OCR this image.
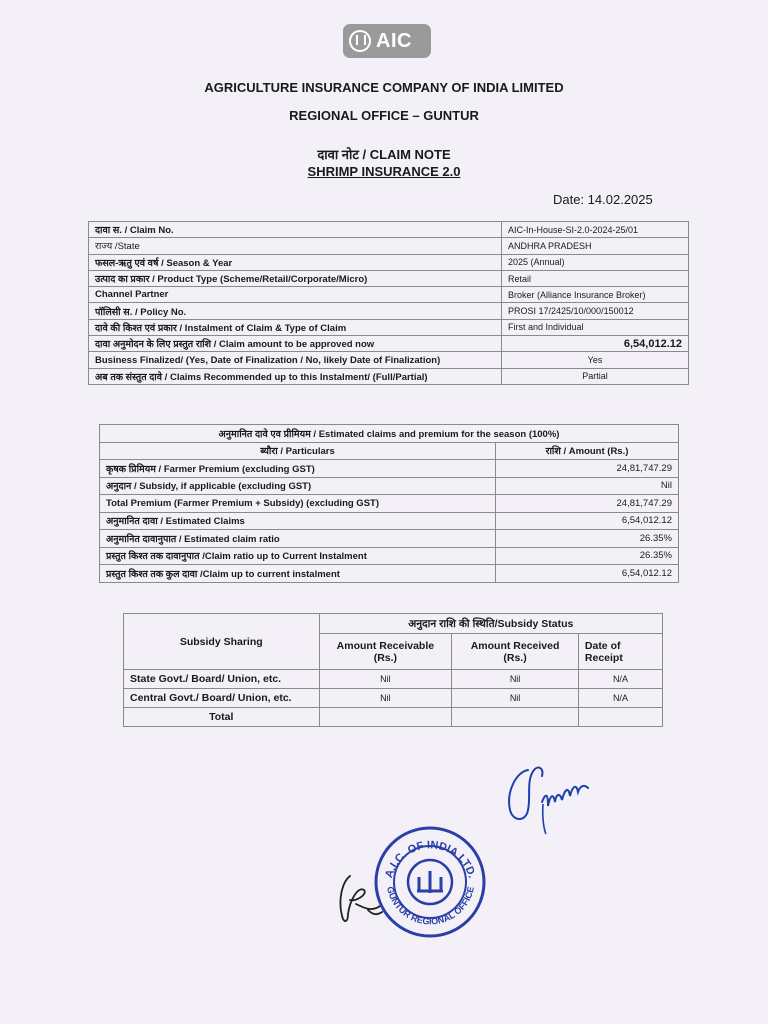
AIC
AGRICULTURE INSURANCE COMPANY OF INDIA LIMITED
REGIONAL OFFICE – GUNTUR
दावा नोट / CLAIM NOTE
SHRIMP INSURANCE 2.0
Date: 14.02.2025
दावा स. / Claim No.	AIC-In-House-SI-2.0-2024-25/01
राज्य /State	ANDHRA PRADESH
फसल-ऋतु एवं वर्ष / Season & Year	2025 (Annual)
उत्पाद का प्रकार / Product Type (Scheme/Retail/Corporate/Micro)	Retail
Channel Partner	Broker (Alliance Insurance Broker)
पॉलिसी स. / Policy No.	PROSI 17/2425/10/000/150012
दावे की किश्त एवं प्रकार / Instalment of Claim & Type of Claim	First and Individual
दावा अनुमोदन के लिए प्रस्तुत राशि / Claim amount to be approved now	6,54,012.12
Business Finalized/ (Yes, Date of Finalization / No, likely Date of Finalization)	Yes
अब तक संस्तुत दावे / Claims Recommended up to this Instalment/ (Full/Partial)	Partial
अनुमानित दावे एव प्रीमियम / Estimated claims and premium for the season (100%)	
ब्यौरा / Particulars	राशि / Amount (Rs.)
कृषक प्रिमियम / Farmer Premium (excluding GST)	24,81,747.29
अनुदान / Subsidy, if applicable (excluding GST)	Nil
Total Premium (Farmer Premium + Subsidy) (excluding GST)	24,81,747.29
अनुमानित दावा / Estimated Claims	6,54,012.12
अनुमानित दावानुपात / Estimated claim ratio	26.35%
प्रस्तुत किश्त तक दावानुपात /Claim ratio up to Current Instalment	26.35%
प्रस्तुत किश्त तक कुल दावा /Claim up to current instalment	6,54,012.12
Subsidy Sharing	अनुदान राशि की स्थिति/Subsidy Status		
	Amount Receivable (Rs.)	Amount Received (Rs.)	Date of Receipt
State Govt./ Board/ Union, etc.	Nil	Nil	N/A
Central Govt./ Board/ Union, etc.	Nil	Nil	N/A
Total			
A.I.C. OF INDIA LTD.
GUNTUR REGIONAL OFFICE
